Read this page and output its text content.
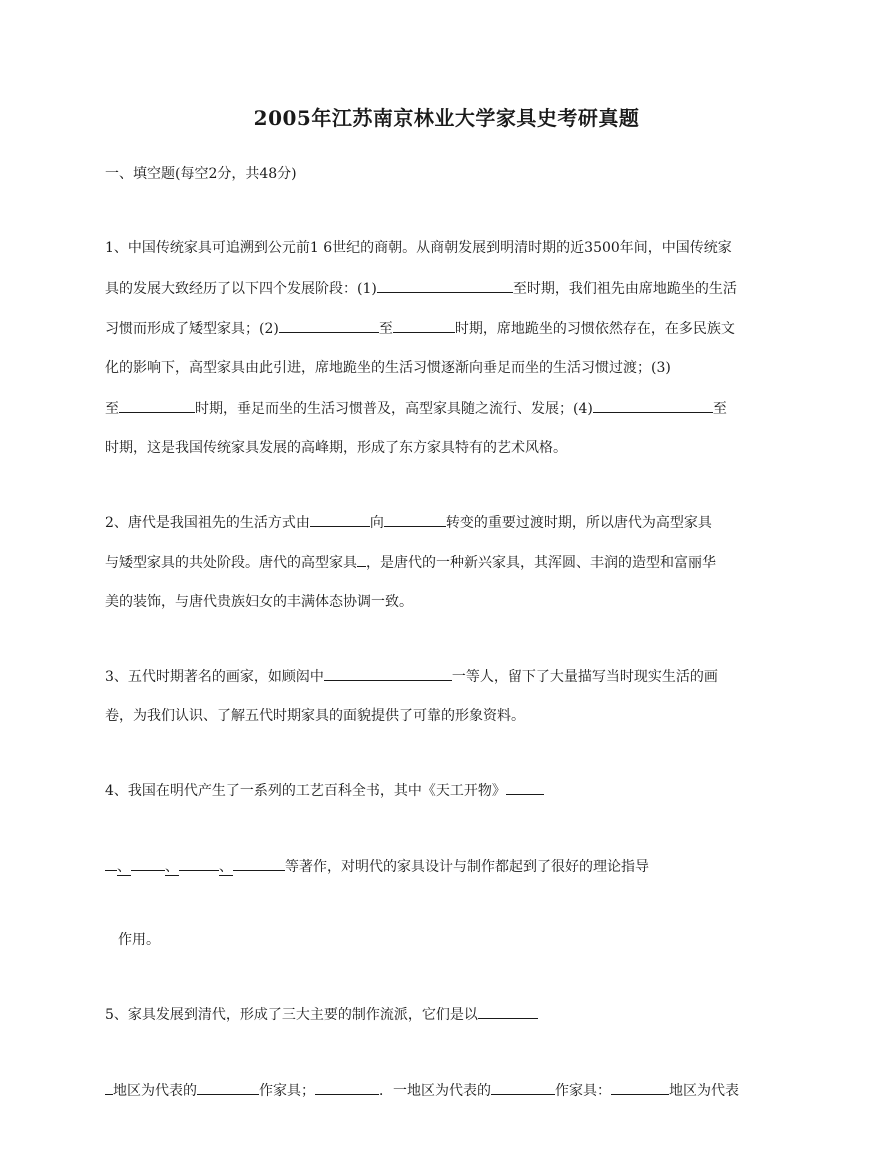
2005年江苏南京林业大学家具史考研真题
一、填空题(每空2分，共48分)
1、中国传统家具可追溯到公元前1 6世纪的商朝。从商朝发展到明清时期的近3500年间，中国传统家
具的发展大致经历了以下四个发展阶段：(1)	至时期，我们祖先由席地跪坐的生活
习惯而形成了矮型家具；(2)	至	时期，席地跪坐的习惯依然存在，在多民族文
化的影响下，高型家具由此引进，席地跪坐的生活习惯逐渐向垂足而坐的生活习惯过渡；(3)
至	时期，垂足而坐的生活习惯普及，高型家具随之流行、发展；(4)	至
时期，这是我国传统家具发展的高峰期，形成了东方家具特有的艺术风格。
2、唐代是我国祖先的生活方式由	向	转变的重要过渡时期，所以唐代为高型家具
与矮型家具的共处阶段。唐代的高型家具 ，是唐代的一种新兴家具，其浑圆、丰润的造型和富丽华
美的装饰，与唐代贵族妇女的丰满体态协调一致。
3、五代时期著名的画家，如顾闳中	一等人，留下了大量描写当时现实生活的画
卷，为我们认识、了解五代时期家具的面貌提供了可靠的形象资料。
4、我国在明代产生了一系列的工艺百科全书，其中《天工开物》
、 、	、	等著作，对明代的家具设计与制作都起到了很好的理论指导
作用。
5、家具发展到清代，形成了三大主要的制作流派，它们是以
地区为代表的	作家具；	．一地区为代表的	作家具：	地区为代表
